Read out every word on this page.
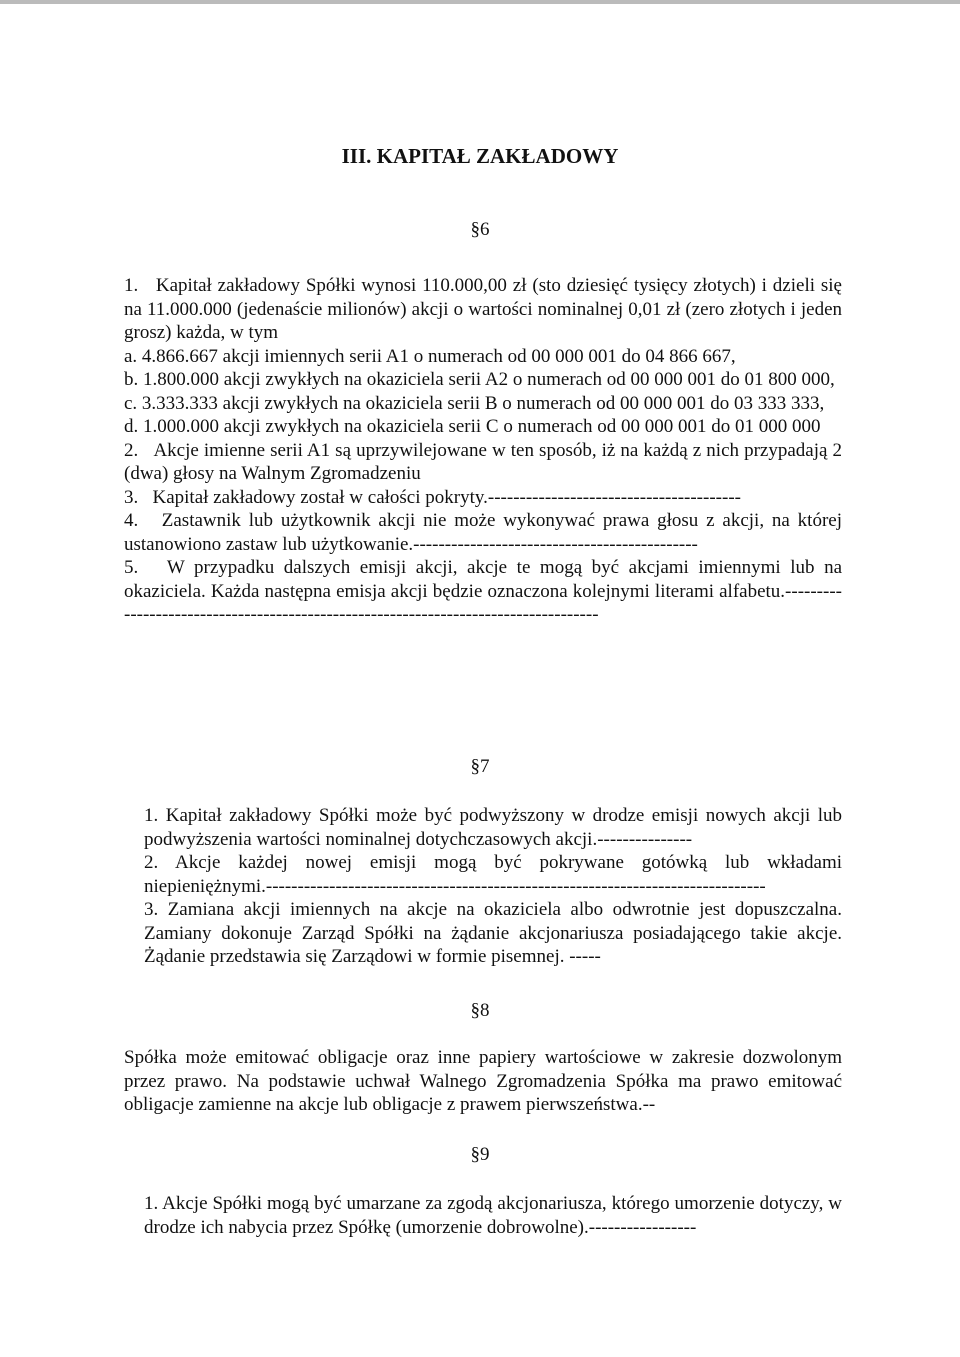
III. KAPITAŁ ZAKŁADOWY
§6

1.   Kapitał zakładowy Spółki wynosi 110.000,00 zł (sto dziesięć tysięcy złotych) i dzieli się na 11.000.000 (jedenaście milionów) akcji o wartości nominalnej 0,01 zł (zero złotych i jeden grosz) każda, w tym

a. 4.866.667 akcji imiennych serii A1 o numerach od 00 000 001 do 04 866 667,

b. 1.800.000 akcji zwykłych na okaziciela serii A2 o numerach od 00 000 001 do 01 800 000,

c. 3.333.333 akcji zwykłych na okaziciela serii B o numerach od 00 000 001 do 03 333 333,

d. 1.000.000 akcji zwykłych na okaziciela serii C o numerach od 00 000 001 do 01 000 000

2.   Akcje imienne serii A1 są uprzywilejowane w ten sposób, iż na każdą z nich przypadają 2 (dwa) głosy na Walnym Zgromadzeniu

3.   Kapitał zakładowy został w całości pokryty.----------------------------------------

4.   Zastawnik lub użytkownik akcji nie może wykonywać prawa głosu z akcji, na której ustanowiono zastaw lub użytkowanie.---------------------------------------------

5.   W przypadku dalszych emisji akcji, akcje te mogą być akcjami imiennymi lub na okaziciela. Każda następna emisja akcji będzie oznaczona kolejnymi literami alfabetu.------------------------------------------------------------------------------------

§7

1. Kapitał zakładowy Spółki może być podwyższony w drodze emisji nowych akcji lub podwyższenia wartości nominalnej dotychczasowych akcji.---------------

2. Akcje każdej nowej emisji mogą być pokrywane gotówką lub wkładami niepieniężnymi.-------------------------------------------------------------------------------

3. Zamiana akcji imiennych na akcje na okaziciela albo odwrotnie jest dopuszczalna. Zamiany dokonuje Zarząd Spółki na żądanie akcjonariusza posiadającego takie akcje. Żądanie przedstawia się Zarządowi w formie pisemnej. -----

§8

Spółka może emitować obligacje oraz inne papiery wartościowe w zakresie dozwolonym przez prawo. Na podstawie uchwał Walnego Zgromadzenia Spółka ma prawo emitować obligacje zamienne na akcje lub obligacje z prawem pierwszeństwa.--

§9

1. Akcje Spółki mogą być umarzane za zgodą akcjonariusza, którego umorzenie dotyczy, w drodze ich nabycia przez Spółkę (umorzenie dobrowolne).-----------------
